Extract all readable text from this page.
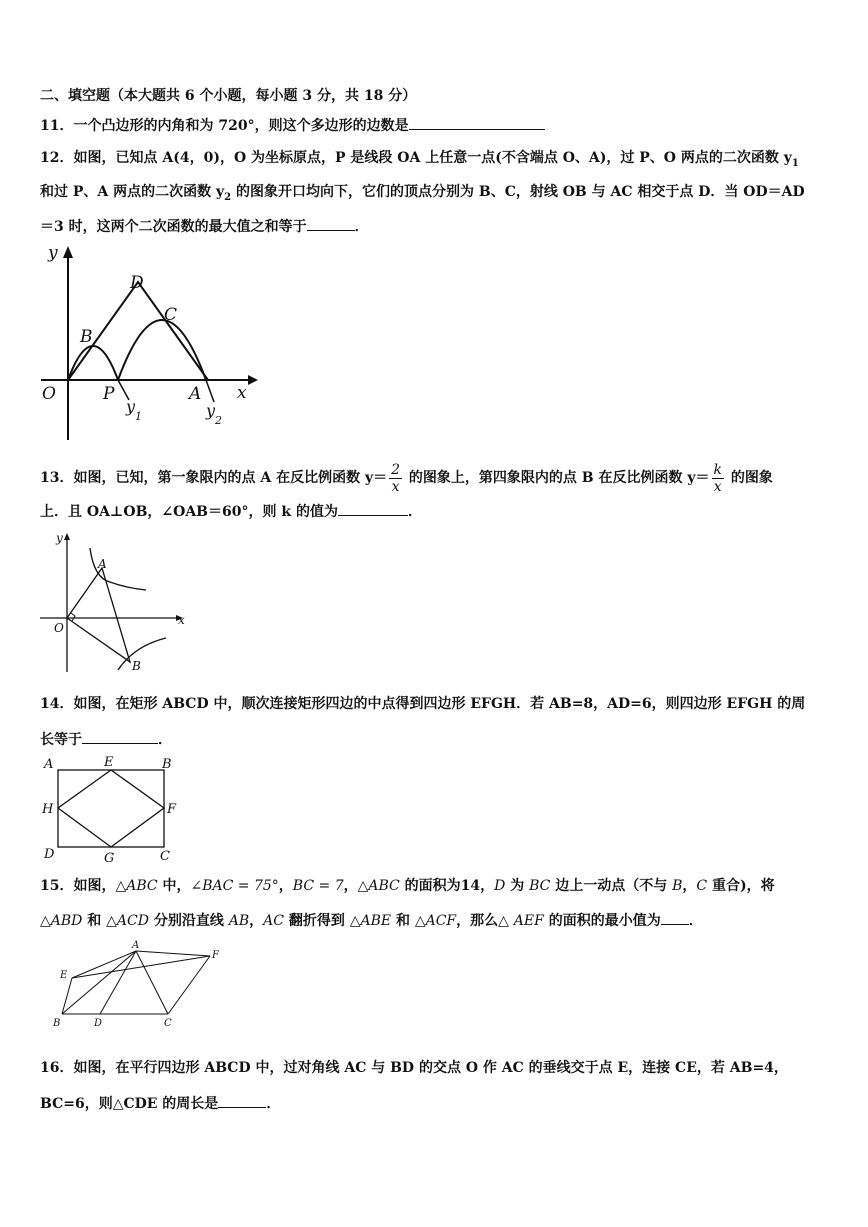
二、填空题（本大题共 6 个小题，每小题 3 分，共 18 分）
11．一个凸边形的内角和为 720°，则这个多边形的边数是
12．如图，已知点 A(4，0)，O 为坐标原点，P 是线段 OA 上任意一点(不含端点 O、A)，过 P、O 两点的二次函数 $y_1$
和过 P、A 两点的二次函数 $y_2$ 的图象开口均向下，它们的顶点分别为 B、C，射线 OB 与 AC 相交于点 D．当 OD＝AD
＝3 时，这两个二次函数的最大值之和等于	．
y
x
O	P	A
B
C
D
y
1	y
2
13．如图，已知，第一象限内的点 A 在反比例函数 $y= \frac{2}{x}$ 的图象上，第四象限内的点 B 在反比例函数 $y= \frac{k}{x}$ 的图象
上．且 OA⊥OB，∠OAB＝60°，则 k 的值为	．
y
x
O
A
B
14．如图，在矩形 ABCD 中，顺次连接矩形四边的中点得到四边形 EFGH．若 AB=8，AD=6，则四边形 EFGH 的周
长等于	．
A	E	B
H	F
D	G	C
15．如图，△ABC 中，∠BAC = 75°，BC = 7，△ABC 的面积为14，D 为 BC 边上一动点（不与 B，C 重合)，将
△ABD 和 △ACD 分别沿直线 AB，AC 翻折得到 △ABE 和 △ACF，那么△ AEF 的面积的最小值为 ．
A
E
F
B	D	C
16．如图，在平行四边形 ABCD 中，过对角线 AC 与 BD 的交点 O 作 AC 的垂线交于点 E，连接 CE，若 AB=4，
BC=6，则△CDE 的周长是	．
